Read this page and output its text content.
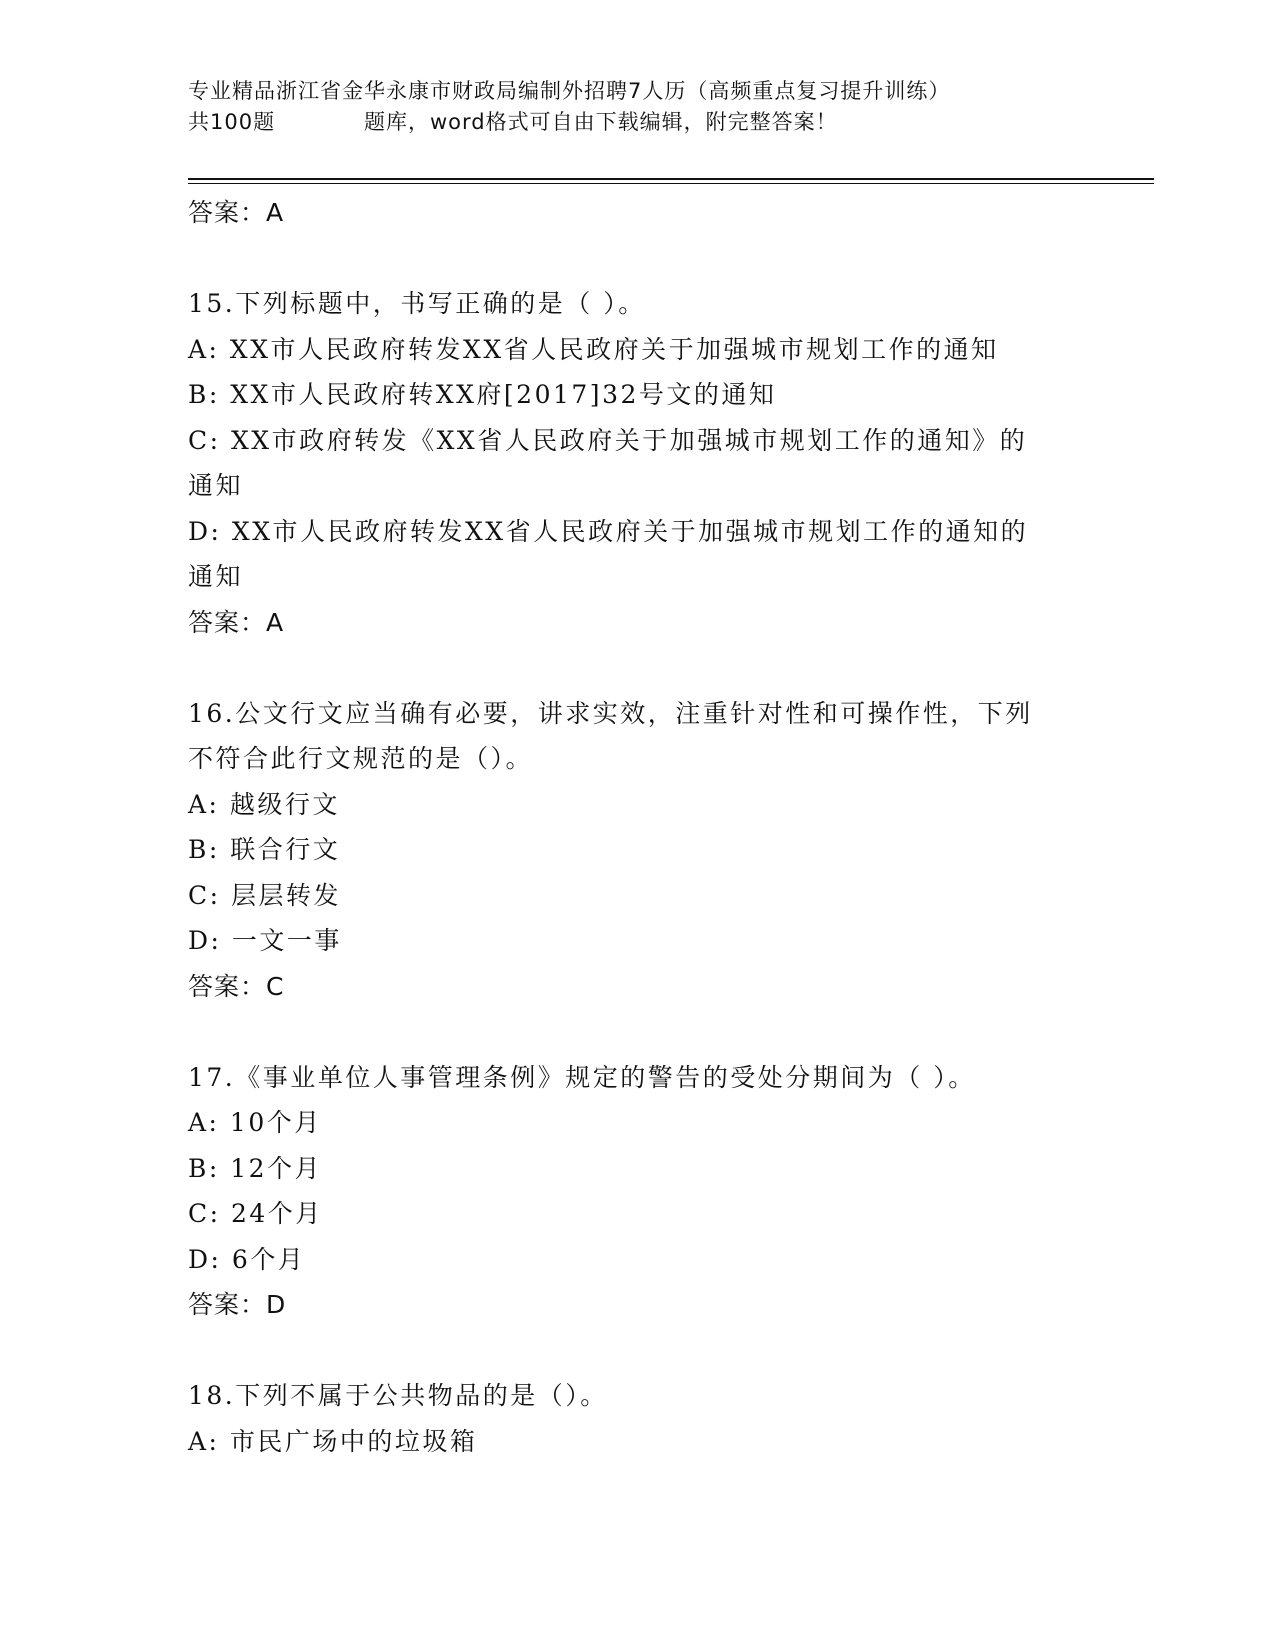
专业精品浙江省金华永康市财政局编制外招聘7人历（高频重点复习提升训练）
共100题	题库，word格式可自由下载编辑，附完整答案！
答案：A
15.下列标题中，书写正确的是（ ）。
A: XX市人民政府转发XX省人民政府关于加强城市规划工作的通知
B: XX市人民政府转XX府[2017]32号文的通知
C: XX市政府转发《XX省人民政府关于加强城市规划工作的通知》的
通知
D: XX市人民政府转发XX省人民政府关于加强城市规划工作的通知的
通知
答案：A
16.公文行文应当确有必要，讲求实效，注重针对性和可操作性，下列
不符合此行文规范的是（）。
A: 越级行文
B: 联合行文
C: 层层转发
D: 一文一事
答案：C
17.《事业单位人事管理条例》规定的警告的受处分期间为（ ）。
A: 10个月
B: 12个月
C: 24个月
D: 6个月
答案：D
18.下列不属于公共物品的是（）。
A: 市民广场中的垃圾箱
